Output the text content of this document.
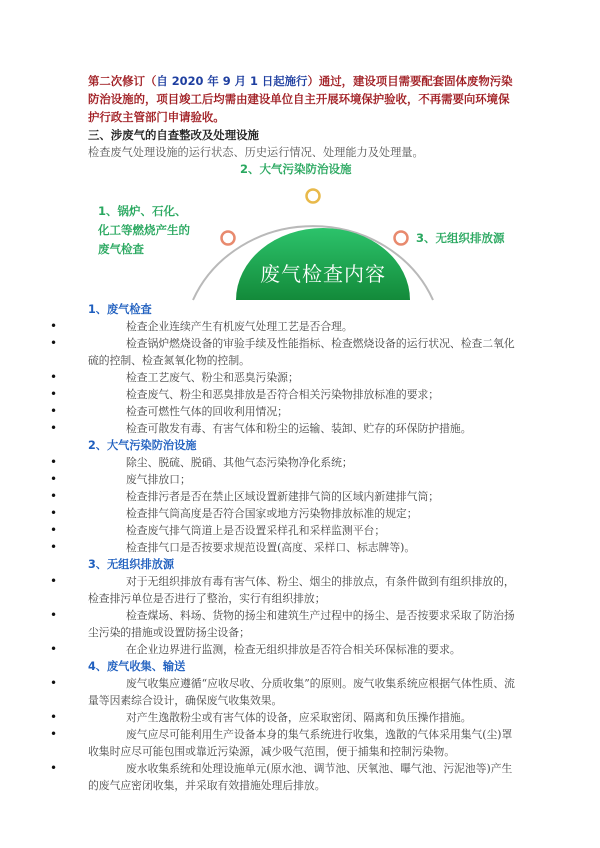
第二次修订（自 2020 年 9 月 1 日起施行）通过，建设项目需要配套固体废物污染防治设施的，项目竣工后均需由建设单位自主开展环境保护验收，不再需要向环境保护行政主管部门申请验收。

三、涉废气的自查整改及处理设施

检查废气处理设施的运行状态、历史运行情况、处理能力及处理量。

2、大气污染防治设施
1、锅炉、石化、
化工等燃烧产生的
废气检查
3、无组织排放源
废气检查内容

1、废气检查

• 检查企业连续产生有机废气处理工艺是否合理。
• 检查锅炉燃烧设备的审验手续及性能指标、检查燃烧设备的运行状况、检查二氧化硫的控制、检查氮氧化物的控制。
• 检查工艺废气、粉尘和恶臭污染源；
• 检查废气、粉尘和恶臭排放是否符合相关污染物排放标准的要求；
• 检查可燃性气体的回收利用情况；
• 检查可散发有毒、有害气体和粉尘的运输、装卸、贮存的环保防护措施。

2、大气污染防治设施

• 除尘、脱硫、脱硝、其他气态污染物净化系统；
• 废气排放口；
• 检查排污者是否在禁止区域设置新建排气筒的区域内新建排气筒；
• 检查排气筒高度是否符合国家或地方污染物排放标准的规定；
• 检查废气排气筒道上是否设置采样孔和采样监测平台；
• 检查排气口是否按要求规范设置(高度、采样口、标志牌等)。

3、无组织排放源

• 对于无组织排放有毒有害气体、粉尘、烟尘的排放点，有条件做到有组织排放的，检查排污单位是否进行了整治，实行有组织排放；
• 检查煤场、料场、货物的扬尘和建筑生产过程中的扬尘、是否按要求采取了防治扬尘污染的措施或设置防扬尘设备；
• 在企业边界进行监测，检查无组织排放是否符合相关环保标准的要求。

4、废气收集、输送

• 废气收集应遵循“应收尽收、分质收集”的原则。废气收集系统应根据气体性质、流量等因素综合设计，确保废气收集效果。
• 对产生逸散粉尘或有害气体的设备，应采取密闭、隔离和负压操作措施。
• 废气应尽可能利用生产设备本身的集气系统进行收集，逸散的气体采用集气(尘)罩收集时应尽可能包围或靠近污染源，减少吸气范围，便于捕集和控制污染物。
• 废水收集系统和处理设施单元(原水池、调节池、厌氧池、曝气池、污泥池等)产生的废气应密闭收集，并采取有效措施处理后排放。
